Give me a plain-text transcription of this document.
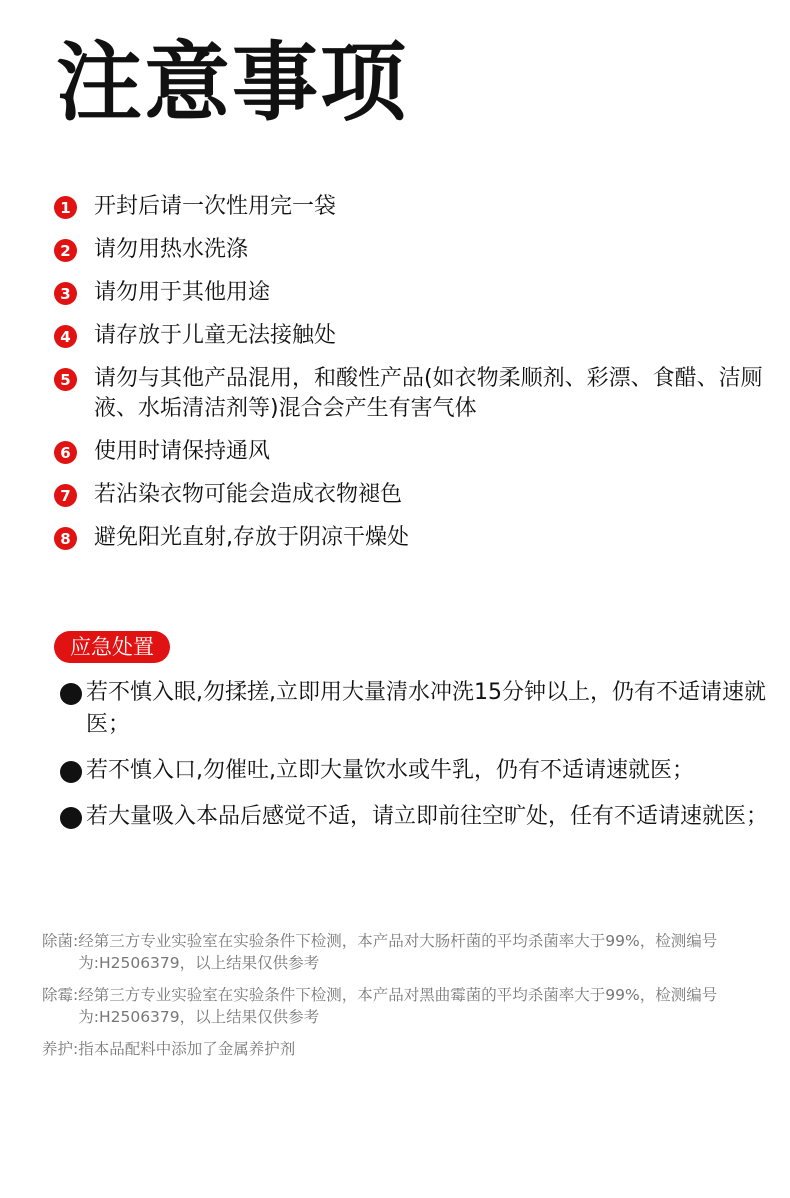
注意事项
1 开封后请一次性用完一袋
2 请勿用热水洗涤
3 请勿用于其他用途
4 请存放于儿童无法接触处
5 请勿与其他产品混用，和酸性产品(如衣物柔顺剂、彩漂、食醋、洁厕液、水垢清洁剂等)混合会产生有害气体
6 使用时请保持通风
7 若沾染衣物可能会造成衣物褪色
8 避免阳光直射,存放于阴凉干燥处
应急处置
若不慎入眼,勿揉搓,立即用大量清水冲洗15分钟以上，仍有不适请速就医；
若不慎入口,勿催吐,立即大量饮水或牛乳，仍有不适请速就医；
若大量吸入本品后感觉不适，请立即前往空旷处，任有不适请速就医；
除菌: 经第三方专业实验室在实验条件下检测，本产品对大肠杆菌的平均杀菌率大于99%，检测编号为:H2506379，以上结果仅供参考
除霉: 经第三方专业实验室在实验条件下检测，本产品对黑曲霉菌的平均杀菌率大于99%，检测编号为:H2506379，以上结果仅供参考
养护: 指本品配料中添加了金属养护剂
